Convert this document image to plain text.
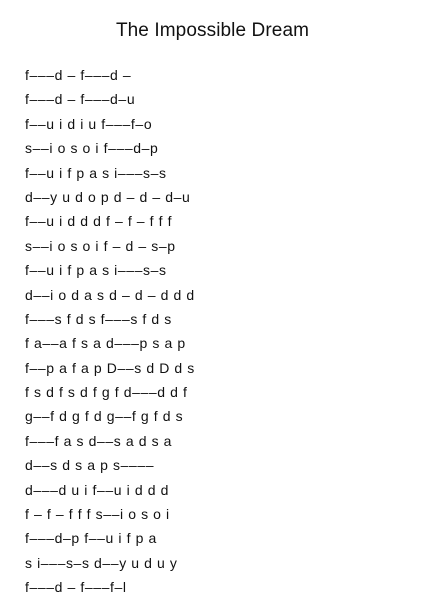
The Impossible Dream
f–––d – f–––d –
f–––d – f–––d–u
f––u i d i u f–––f–o
s––i o s o i f–––d–p
f––u i f p a s i–––s–s
d––y u d o p d – d – d–u
f––u i d d d f – f – f f f
s––i o s o i f – d – s–p
f––u i f p a s i–––s–s
d––i o d a s d – d – d d d
f–––s f d s f–––s f d s
f a––a f s a d–––p s a p
f––p a f a p D––s d D d s
f s d f s d f g f d–––d d f
g––f d g f d g––f g f d s
f–––f a s d––s a d s a
d––s d s a p s––––
d–––d u i f––u i d d d
f – f – f f f s––i o s o i
f–––d–p f––u i f p a
s i–––s–s d––y u d u y
f–––d – f–––f–l
